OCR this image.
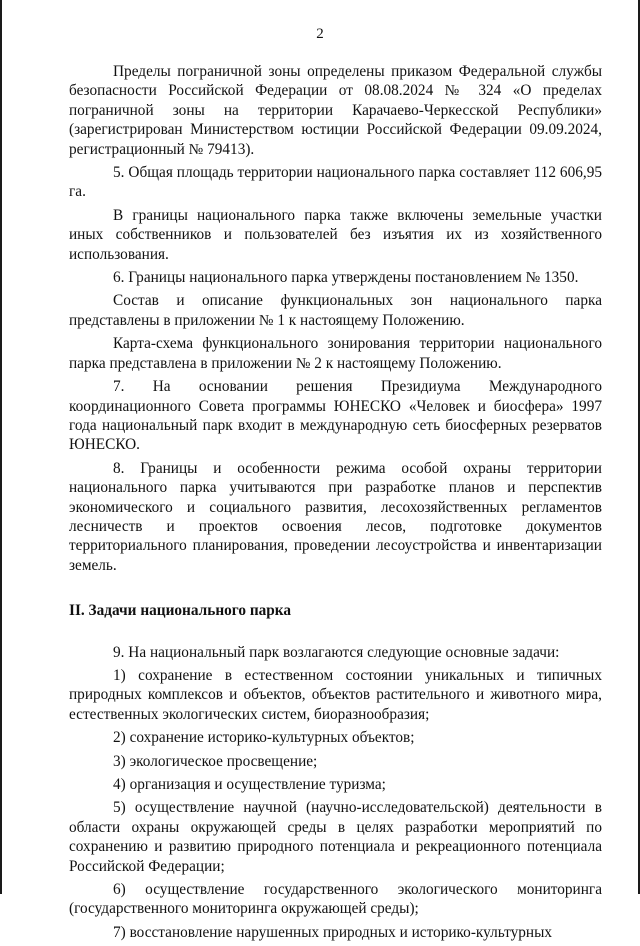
2

Пределы пограничной зоны определены приказом Федеральной службы безопасности Российской Федерации от 08.08.2024 № 324 «О пределах пограничной зоны на территории Карачаево-Черкесской Республики» (зарегистрирован Министерством юстиции Российской Федерации 09.09.2024, регистрационный № 79413).

5. Общая площадь территории национального парка составляет 112 606,95 га.

В границы национального парка также включены земельные участки иных собственников и пользователей без изъятия их из хозяйственного использования.

6. Границы национального парка утверждены постановлением № 1350.

Состав и описание функциональных зон национального парка представлены в приложении № 1 к настоящему Положению.

Карта-схема функционального зонирования территории национального парка представлена в приложении № 2 к настоящему Положению.

7. На основании решения Президиума Международного координационного Совета программы ЮНЕСКО «Человек и биосфера» 1997 года национальный парк входит в международную сеть биосферных резерватов ЮНЕСКО.

8. Границы и особенности режима особой охраны территории национального парка учитываются при разработке планов и перспектив экономического и социального развития, лесохозяйственных регламентов лесничеств и проектов освоения лесов, подготовке документов территориального планирования, проведении лесоустройства и инвентаризации земель.

II. Задачи национального парка

9. На национальный парк возлагаются следующие основные задачи:

1) сохранение в естественном состоянии уникальных и типичных природных комплексов и объектов, объектов растительного и животного мира, естественных экологических систем, биоразнообразия;

2) сохранение историко-культурных объектов;

3) экологическое просвещение;

4) организация и осуществление туризма;

5) осуществление научной (научно-исследовательской) деятельности в области охраны окружающей среды в целях разработки мероприятий по сохранению и развитию природного потенциала и рекреационного потенциала Российской Федерации;

6) осуществление государственного экологического мониторинга (государственного мониторинга окружающей среды);

7) восстановление нарушенных природных и историко-культурных
